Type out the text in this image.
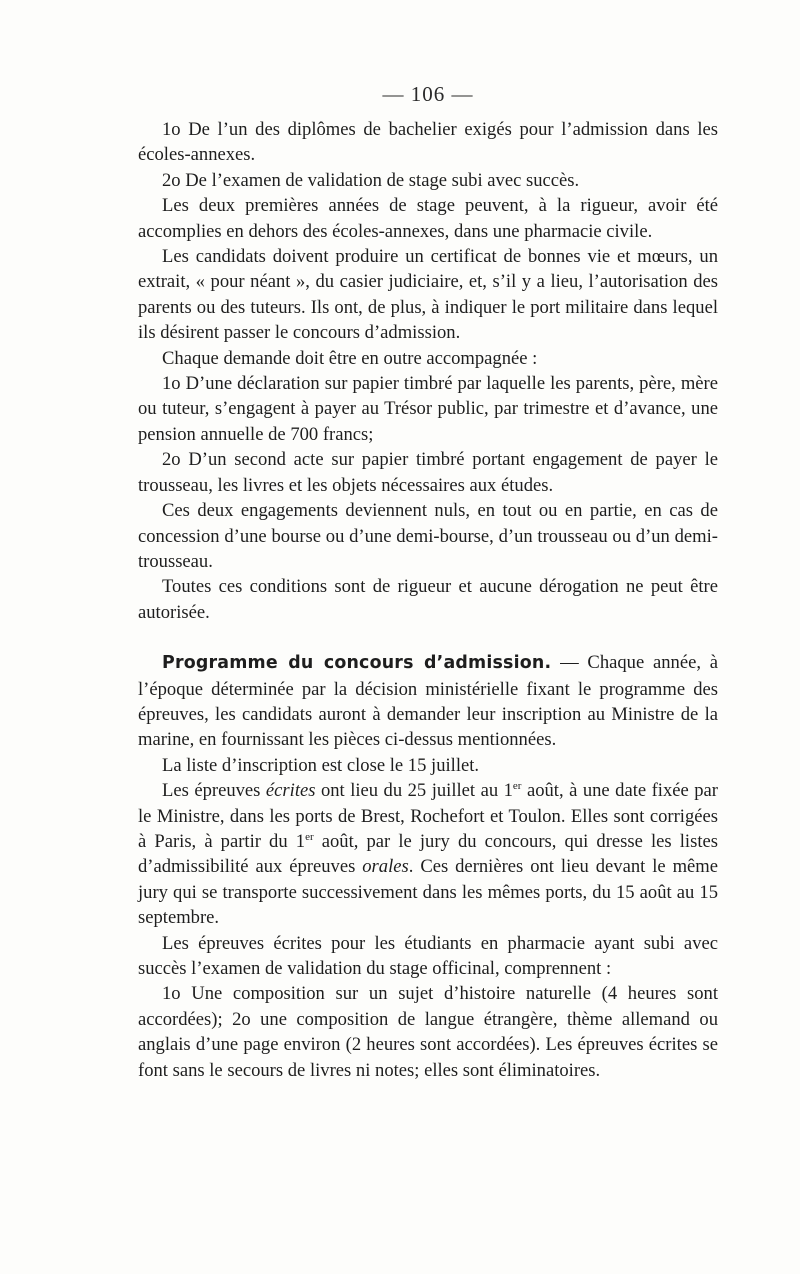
— 106 —

1o De l’un des diplômes de bachelier exigés pour l’admission dans les écoles-annexes.

2o De l’examen de validation de stage subi avec succès.

Les deux premières années de stage peuvent, à la rigueur, avoir été accomplies en dehors des écoles-annexes, dans une pharmacie civile.

Les candidats doivent produire un certificat de bonnes vie et mœurs, un extrait, « pour néant », du casier judiciaire, et, s’il y a lieu, l’autorisation des parents ou des tuteurs. Ils ont, de plus, à indiquer le port militaire dans lequel ils désirent passer le concours d’admission.

Chaque demande doit être en outre accompagnée :

1o D’une déclaration sur papier timbré par laquelle les parents, père, mère ou tuteur, s’engagent à payer au Trésor public, par trimestre et d’avance, une pension annuelle de 700 francs;

2o D’un second acte sur papier timbré portant engagement de payer le trousseau, les livres et les objets nécessaires aux études.

Ces deux engagements deviennent nuls, en tout ou en partie, en cas de concession d’une bourse ou d’une demi-bourse, d’un trousseau ou d’un demi-trousseau.

Toutes ces conditions sont de rigueur et aucune dérogation ne peut être autorisée.

Programme du concours d’admission. — Chaque année, à l’époque déterminée par la décision ministérielle fixant le programme des épreuves, les candidats auront à demander leur inscription au Ministre de la marine, en fournissant les pièces ci-dessus mentionnées.

La liste d’inscription est close le 15 juillet.

Les épreuves écrites ont lieu du 25 juillet au 1er août, à une date fixée par le Ministre, dans les ports de Brest, Rochefort et Toulon. Elles sont corrigées à Paris, à partir du 1er août, par le jury du concours, qui dresse les listes d’admissibilité aux épreuves orales. Ces dernières ont lieu devant le même jury qui se transporte successivement dans les mêmes ports, du 15 août au 15 septembre.

Les épreuves écrites pour les étudiants en pharmacie ayant subi avec succès l’examen de validation du stage officinal, comprennent :

1o Une composition sur un sujet d’histoire naturelle (4 heures sont accordées); 2o une composition de langue étrangère, thème allemand ou anglais d’une page environ (2 heures sont accordées). Les épreuves écrites se font sans le secours de livres ni notes; elles sont éliminatoires.
